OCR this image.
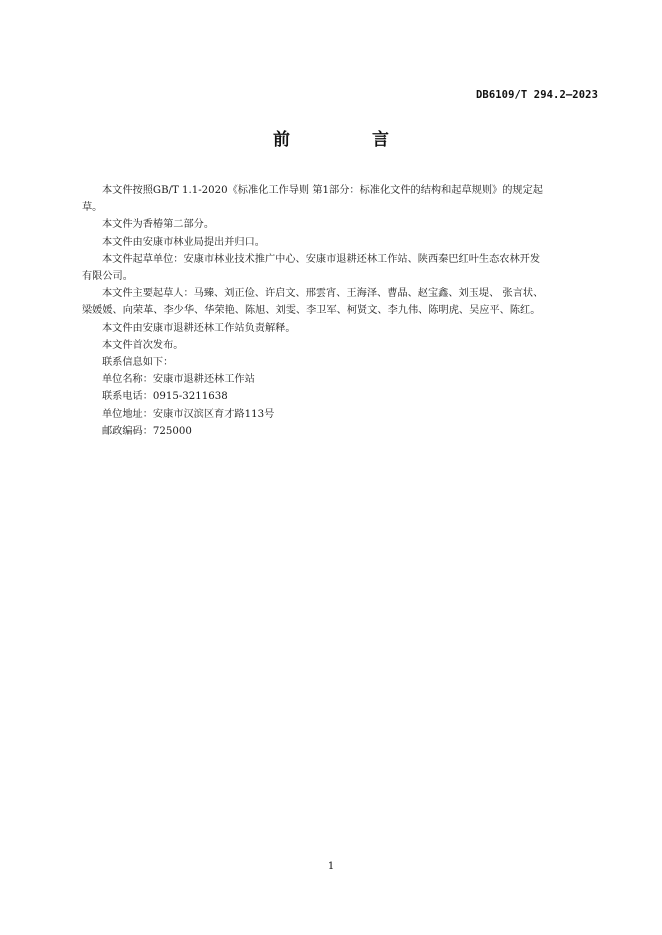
DB6109/T 294.2—2023
前 言

本文件按照GB/T 1.1-2020《标准化工作导则 第1部分：标准化文件的结构和起草规则》的规定起

草。

本文件为香椿第二部分。

本文件由安康市林业局提出并归口。

本文件起草单位：安康市林业技术推广中心、安康市退耕还林工作站、陕西秦巴红叶生态农林开发

有限公司。

本文件主要起草人：马臻、刘正俭、许启文、邢雲宵、王海泽、曹晶、赵宝鑫、刘玉堤、 张言状、

梁媛媛、向荣革、李少华、华荣艳、陈旭、刘雯、李卫军、柯贤文、李九伟、陈明虎、吴应平、陈红。

本文件由安康市退耕还林工作站负责解释。

本文件首次发布。

联系信息如下：

单位名称：安康市退耕还林工作站

联系电话：0915-3211638

单位地址：安康市汉滨区育才路113号

邮政编码：725000

1
